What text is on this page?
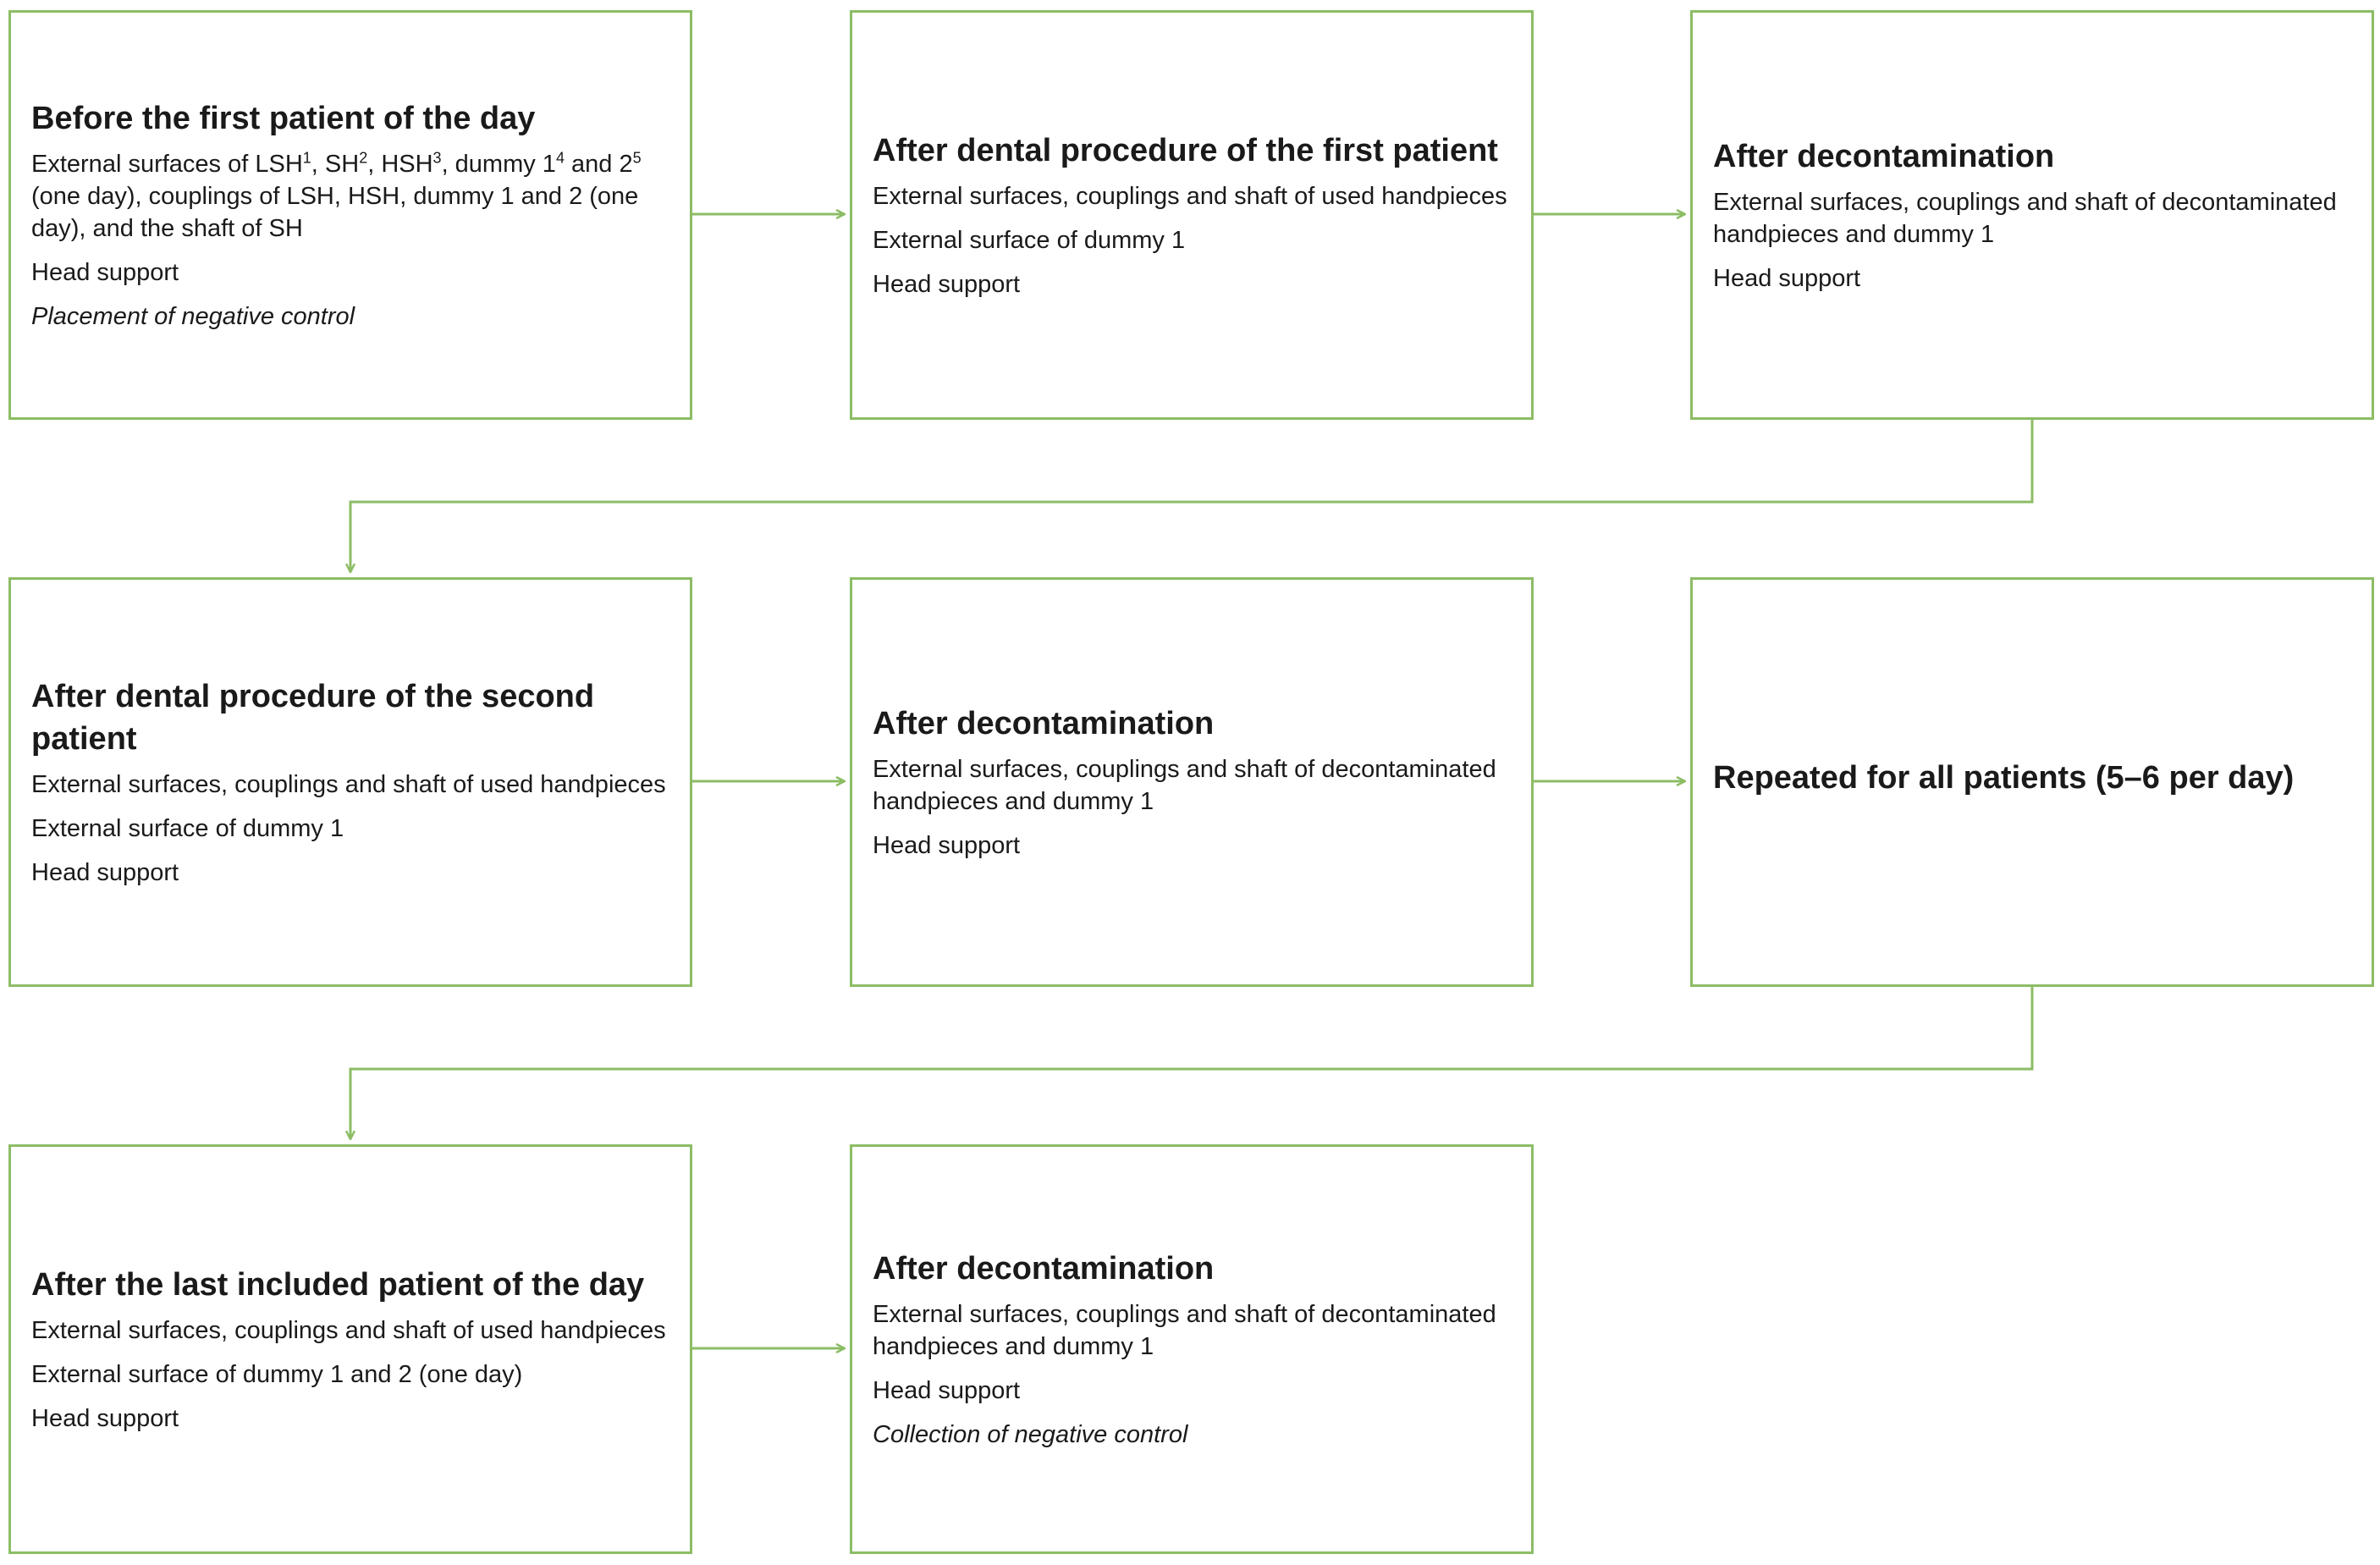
Before the first patient of the day
External surfaces of LSH$^1$, $SH^2$, HSH$^3$, dummy $1^4$ and $2^5$ (one day), couplings of LSH, HSH, dummy 1 and 2 (one day), and the shaft of SH
Head support
Placement of negative control
After dental procedure of the first patient
External surfaces, couplings and shaft of used handpieces
External surface of dummy 1
Head support
After decontamination
External surfaces, couplings and shaft of decontaminated handpieces and dummy 1
Head support
After dental procedure of the second patient
External surfaces, couplings and shaft of used handpieces
External surface of dummy 1
Head support
After decontamination
External surfaces, couplings and shaft of decontaminated handpieces and dummy 1
Head support
Repeated for all patients (5–6 per day)
After the last included patient of the day
External surfaces, couplings and shaft of used handpieces
External surface of dummy 1 and 2 (one day)
Head support
After decontamination
External surfaces, couplings and shaft of decontaminated handpieces and dummy 1
Head support
Collection of negative control
